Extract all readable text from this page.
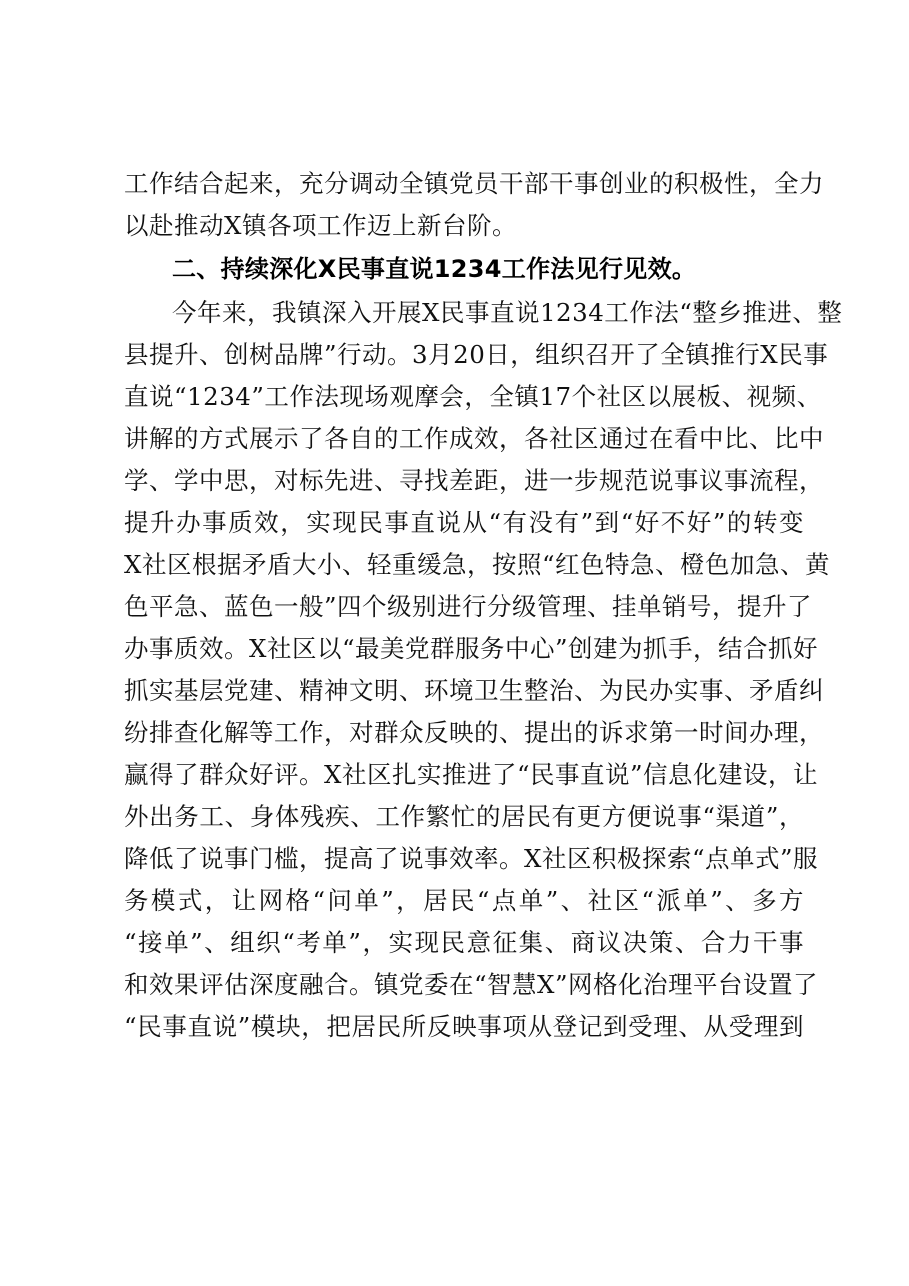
工作结合起来，充分调动全镇党员干部干事创业的积极性，全力
以赴推动X镇各项工作迈上新台阶。
二、持续深化X民事直说1234工作法见行见效。
今年来，我镇深入开展X民事直说1234工作法“整乡推进、整
县提升、创树品牌”行动。3月20日，组织召开了全镇推行X民事
直说“1234”工作法现场观摩会，全镇17个社区以展板、视频、
讲解的方式展示了各自的工作成效，各社区通过在看中比、比中
学、学中思，对标先进、寻找差距，进一步规范说事议事流程，
提升办事质效，实现民事直说从“有没有”到“好不好”的转变
X社区根据矛盾大小、轻重缓急，按照“红色特急、橙色加急、黄
色平急、蓝色一般”四个级别进行分级管理、挂单销号，提升了
办事质效。X社区以“最美党群服务中心”创建为抓手，结合抓好
抓实基层党建、精神文明、环境卫生整治、为民办实事、矛盾纠
纷排查化解等工作，对群众反映的、提出的诉求第一时间办理，
赢得了群众好评。X社区扎实推进了“民事直说”信息化建设，让
外出务工、身体残疾、工作繁忙的居民有更方便说事“渠道”，
降低了说事门槛，提高了说事效率。X社区积极探索“点单式”服
务模式，让网格“问单”，居民“点单”、社区“派单”、多方
“接单”、组织“考单”，实现民意征集、商议决策、合力干事
和效果评估深度融合。镇党委在“智慧X”网格化治理平台设置了
“民事直说”模块，把居民所反映事项从登记到受理、从受理到
